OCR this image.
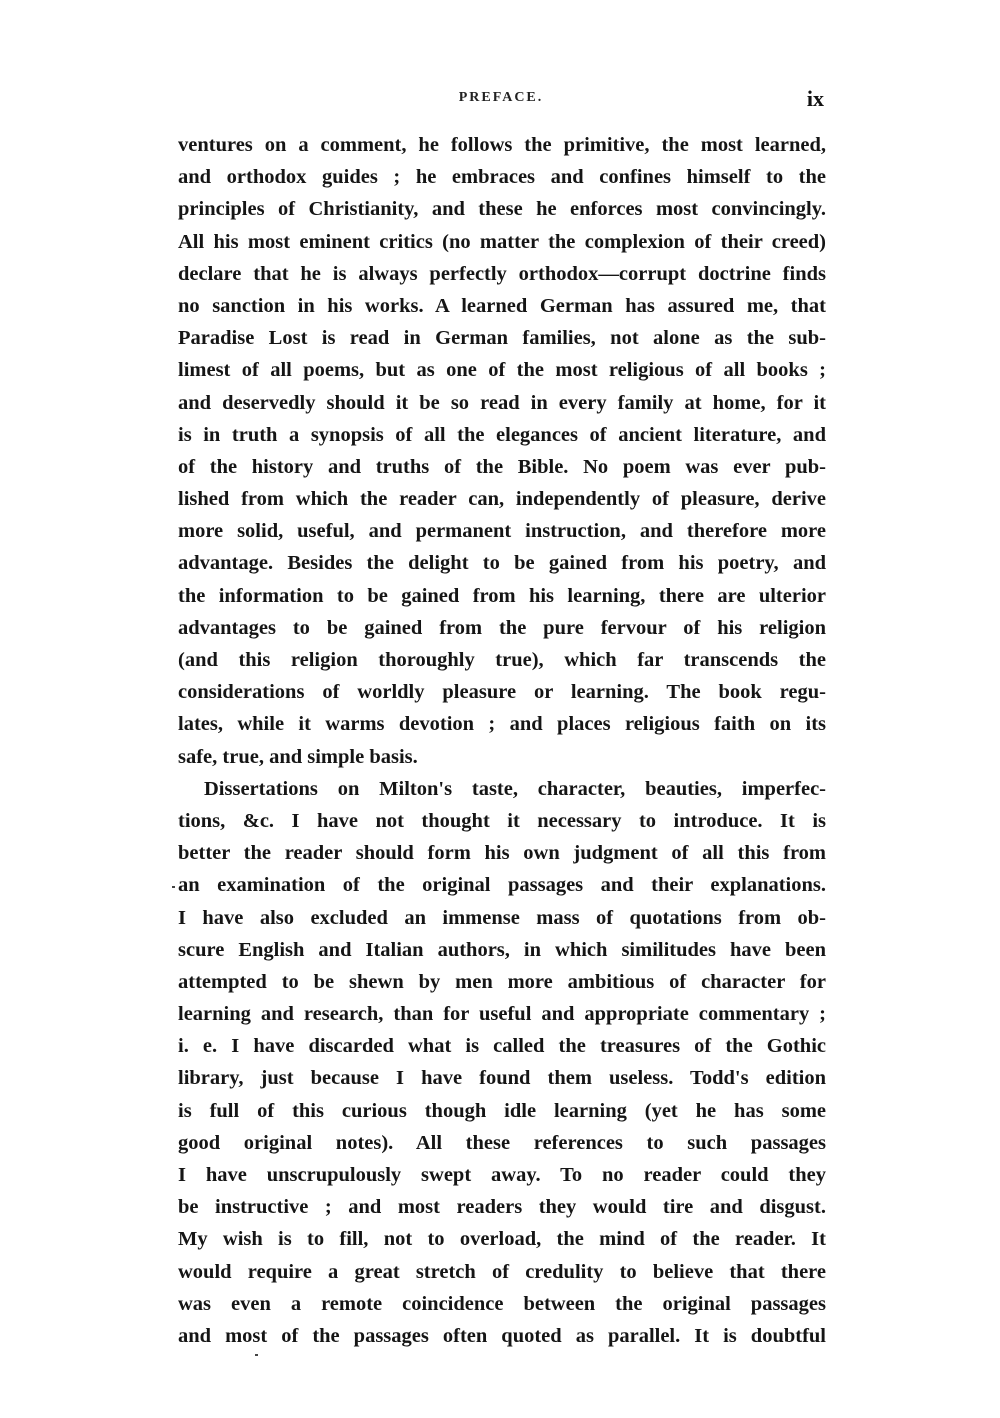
PREFACE.	ix
ventures on a comment, he follows the primitive, the most learned,
and orthodox guides ; he embraces and confines himself to the
principles of Christianity, and these he enforces most convincingly.
All his most eminent critics (no matter the complexion of their creed)
declare that he is always perfectly orthodox—corrupt doctrine finds
no sanction in his works. A learned German has assured me, that
Paradise Lost is read in German families, not alone as the sub-
limest of all poems, but as one of the most religious of all books ;
and deservedly should it be so read in every family at home, for it
is in truth a synopsis of all the elegances of ancient literature, and
of the history and truths of the Bible. No poem was ever pub-
lished from which the reader can, independently of pleasure, derive
more solid, useful, and permanent instruction, and therefore more
advantage. Besides the delight to be gained from his poetry, and
the information to be gained from his learning, there are ulterior
advantages to be gained from the pure fervour of his religion
(and this religion thoroughly true), which far transcends the
considerations of worldly pleasure or learning. The book regu-
lates, while it warms devotion ; and places religious faith on its
safe, true, and simple basis.
Dissertations on Milton's taste, character, beauties, imperfec-
tions, &c. I have not thought it necessary to introduce. It is
better the reader should form his own judgment of all this from
an examination of the original passages and their explanations.
I have also excluded an immense mass of quotations from ob-
scure English and Italian authors, in which similitudes have been
attempted to be shewn by men more ambitious of character for
learning and research, than for useful and appropriate commentary ;
i. e. I have discarded what is called the treasures of the Gothic
library, just because I have found them useless. Todd's edition
is full of this curious though idle learning (yet he has some
good original notes). All these references to such passages
I have unscrupulously swept away. To no reader could they
be instructive ; and most readers they would tire and disgust.
My wish is to fill, not to overload, the mind of the reader. It
would require a great stretch of credulity to believe that there
was even a remote coincidence between the original passages
and most of the passages often quoted as parallel. It is doubtful
